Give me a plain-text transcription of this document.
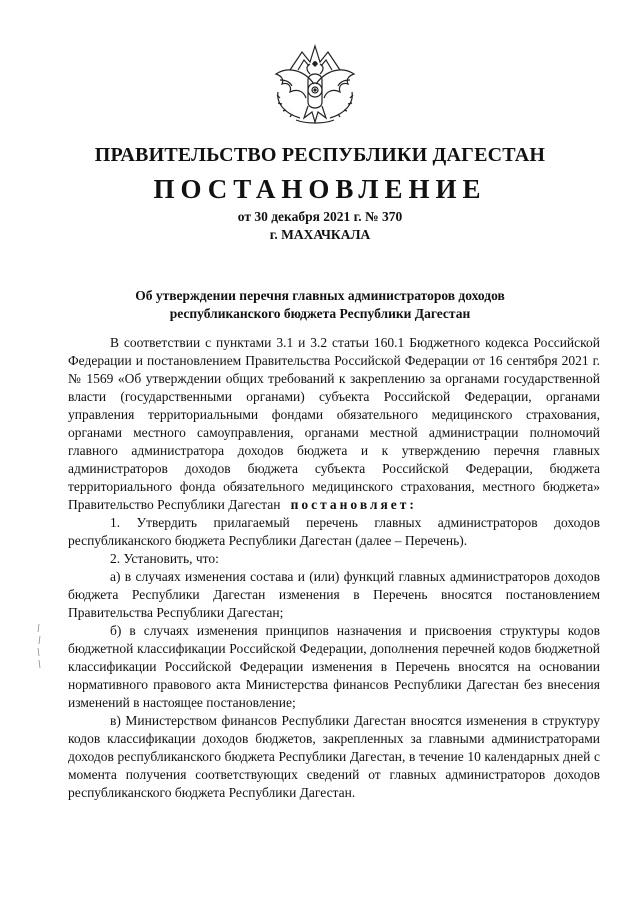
ПРАВИТЕЛЬСТВО РЕСПУБЛИКИ ДАГЕСТАН
ПОСТАНОВЛЕНИЕ
от 30 декабря 2021 г. № 370
г. МАХАЧКАЛА
Об утверждении перечня главных администраторов доходов
республиканского бюджета Республики Дагестан

В соответствии с пунктами 3.1 и 3.2 статьи 160.1 Бюджетного кодекса Российской Федерации и постановлением Правительства Российской Федерации от 16 сентября 2021 г. № 1569 «Об утверждении общих требований к закреплению за органами государственной власти (государственными органами) субъекта Российской Федерации, органами управления территориальными фондами обязательного медицинского страхования, органами местного самоуправления, органами местной администрации полномочий главного администратора доходов бюджета и к утверждению перечня главных администраторов доходов бюджета субъекта Российской Федерации, бюджета территориального фонда обязательного медицинского страхования, местного бюджета» Правительство Республики Дагестан постановляет:

1. Утвердить прилагаемый перечень главных администраторов доходов республиканского бюджета Республики Дагестан (далее – Перечень).

2. Установить, что:

а) в случаях изменения состава и (или) функций главных администраторов доходов бюджета Республики Дагестан изменения в Перечень вносятся постановлением Правительства Республики Дагестан;

б) в случаях изменения принципов назначения и присвоения структуры кодов бюджетной классификации Российской Федерации, дополнения перечней кодов бюджетной классификации Российской Федерации изменения в Перечень вносятся на основании нормативного правового акта Министерства финансов Республики Дагестан без внесения изменений в настоящее постановление;

в) Министерством финансов Республики Дагестан вносятся изменения в структуру кодов классификации доходов бюджетов, закрепленных за главными администраторами доходов республиканского бюджета Республики Дагестан, в течение 10 календарных дней с момента получения соответствующих сведений от главных администраторов доходов республиканского бюджета Республики Дагестан.
